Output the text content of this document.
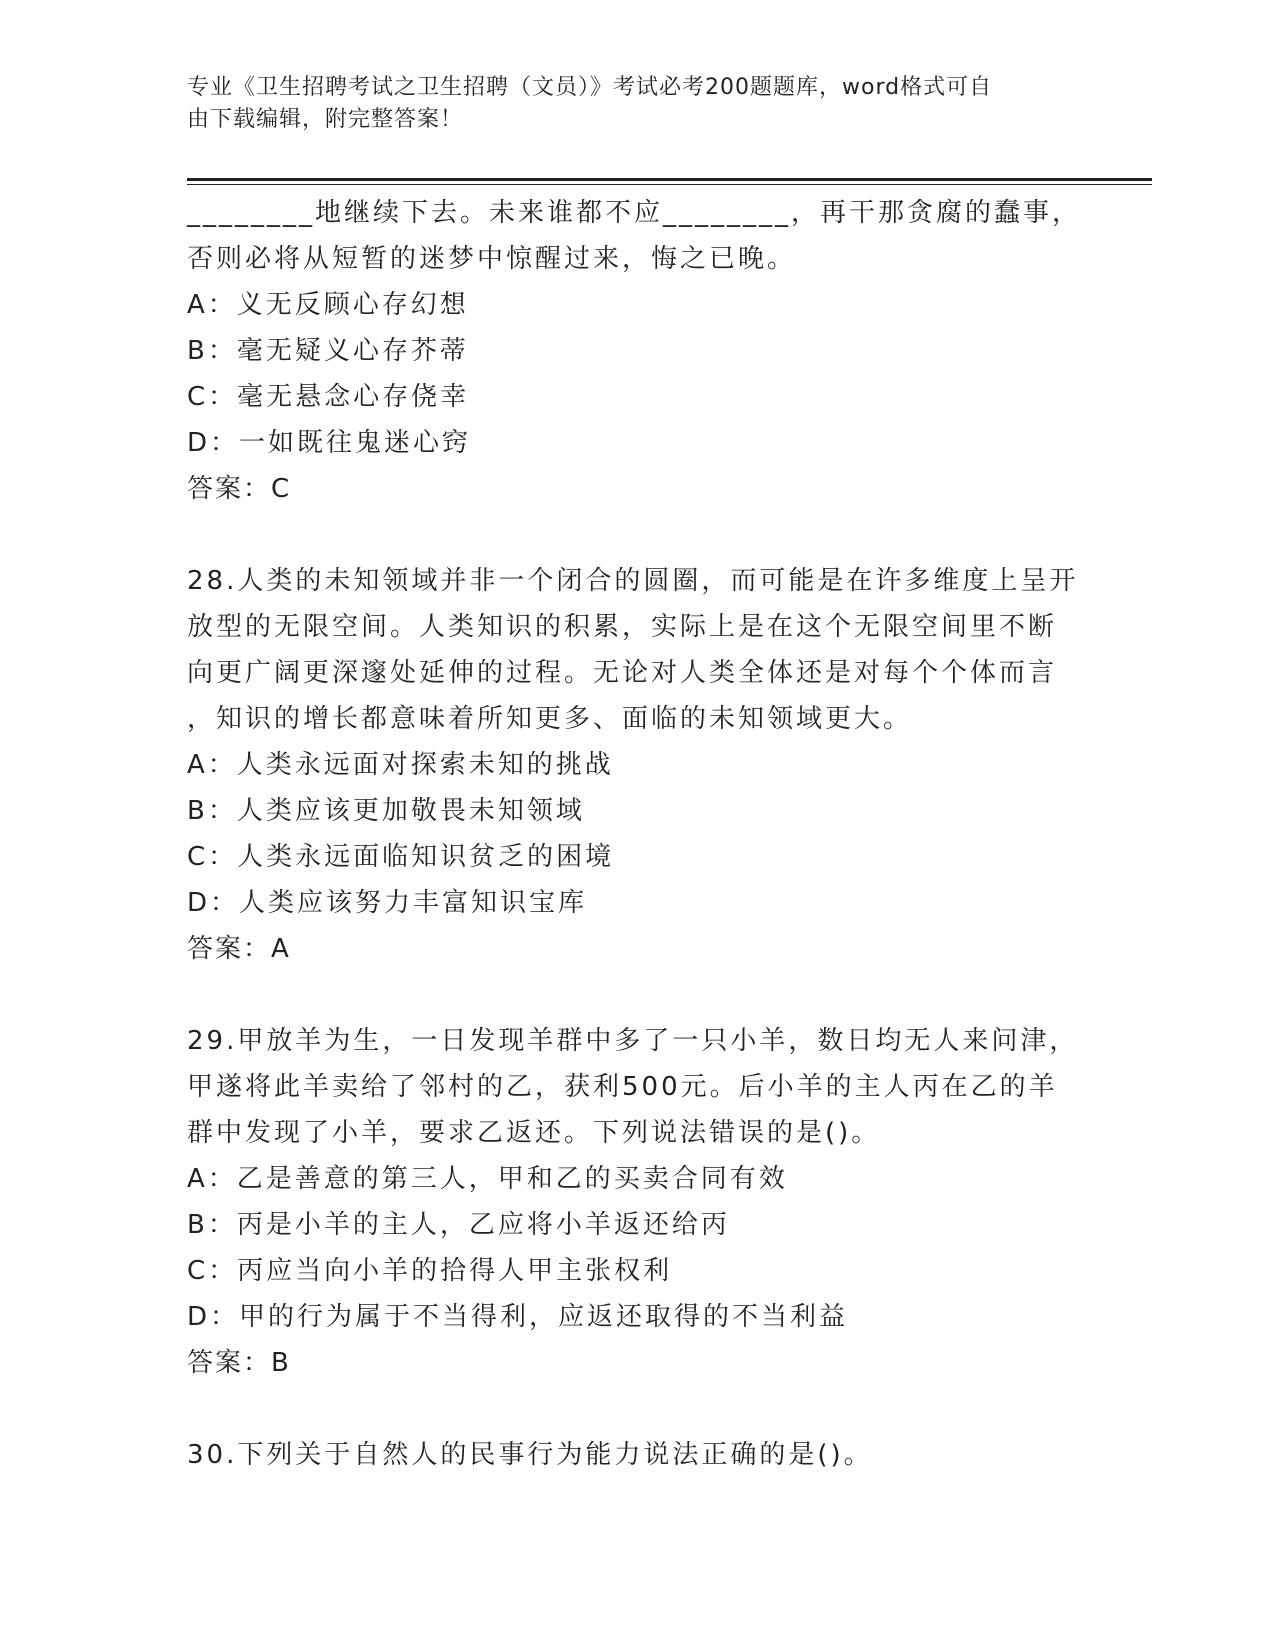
专业《卫生招聘考试之卫生招聘（文员）》考试必考200题题库，word格式可自
由下载编辑，附完整答案！

________地继续下去。未来谁都不应________，再干那贪腐的蠢事，

否则必将从短暂的迷梦中惊醒过来，悔之已晚。

A：义无反顾心存幻想

B：毫无疑义心存芥蒂

C：毫无悬念心存侥幸

D：一如既往鬼迷心窍

答案：C

28.人类的未知领域并非一个闭合的圆圈，而可能是在许多维度上呈开

放型的无限空间。人类知识的积累，实际上是在这个无限空间里不断

向更广阔更深邃处延伸的过程。无论对人类全体还是对每个个体而言

，知识的增长都意味着所知更多、面临的未知领域更大。

A：人类永远面对探索未知的挑战

B：人类应该更加敬畏未知领域

C：人类永远面临知识贫乏的困境

D：人类应该努力丰富知识宝库

答案：A

29.甲放羊为生，一日发现羊群中多了一只小羊，数日均无人来问津，

甲遂将此羊卖给了邻村的乙，获利500元。后小羊的主人丙在乙的羊

群中发现了小羊，要求乙返还。下列说法错误的是()。

A：乙是善意的第三人，甲和乙的买卖合同有效

B：丙是小羊的主人，乙应将小羊返还给丙

C：丙应当向小羊的拾得人甲主张权利

D：甲的行为属于不当得利，应返还取得的不当利益

答案：B

30.下列关于自然人的民事行为能力说法正确的是()。
